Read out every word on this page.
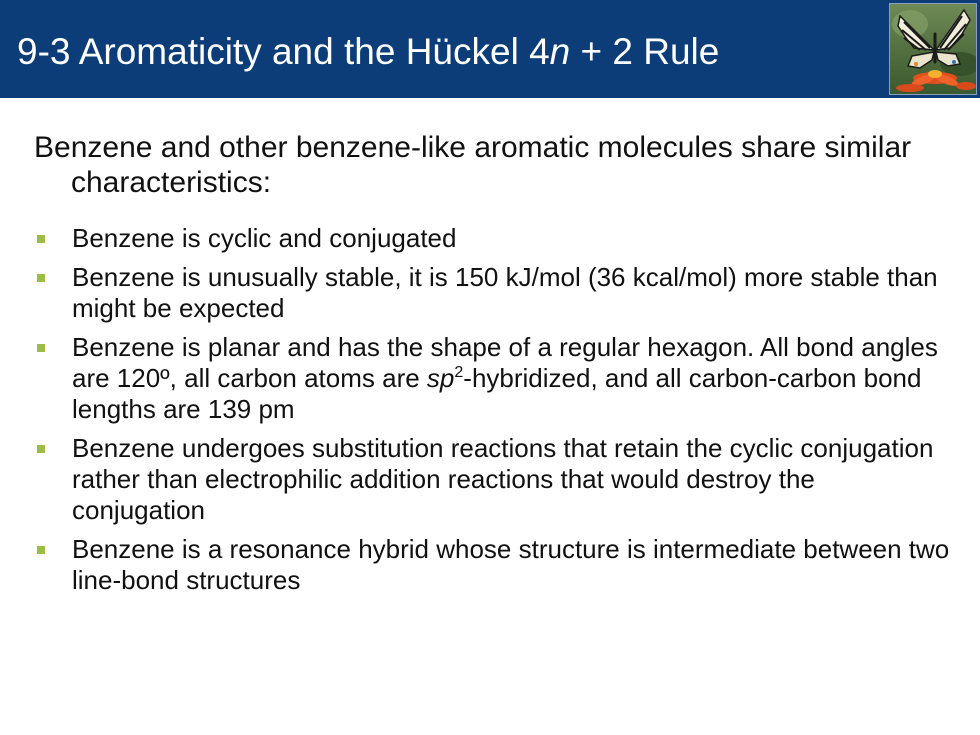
9-3 Aromaticity and the Hückel 4n + 2 Rule

Benzene and other benzene-like aromatic molecules share similar characteristics:

Benzene is cyclic and conjugated
Benzene is unusually stable, it is 150 kJ/mol (36 kcal/mol) more stable than might be expected
Benzene is planar and has the shape of a regular hexagon. All bond angles are 120º, all carbon atoms are $sp^2$-hybridized, and all carbon-carbon bond lengths are 139 pm
Benzene undergoes substitution reactions that retain the cyclic conjugation rather than electrophilic addition reactions that would destroy the conjugation
Benzene is a resonance hybrid whose structure is intermediate between two line-bond structures
